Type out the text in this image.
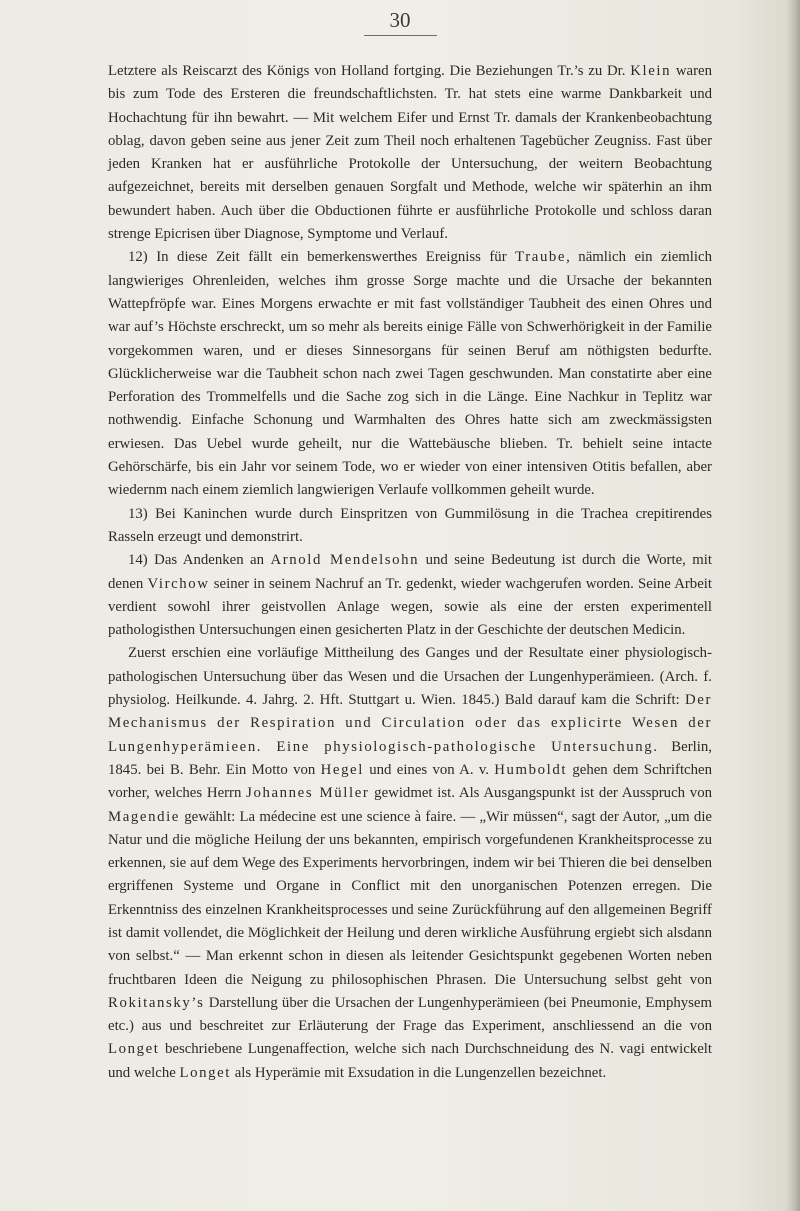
30

Letztere als Reiscarzt des Königs von Holland fortging. Die Beziehungen Tr.’s zu Dr. Klein waren bis zum Tode des Ersteren die freundschaftlichsten. Tr. hat stets eine warme Dankbarkeit und Hochachtung für ihn bewahrt. — Mit welchem Eifer und Ernst Tr. damals der Krankenbeobachtung oblag, davon geben seine aus jener Zeit zum Theil noch erhaltenen Tagebücher Zeugniss. Fast über jeden Kranken hat er ausführliche Protokolle der Untersuchung, der weitern Beobachtung aufgezeichnet, bereits mit derselben genauen Sorgfalt und Methode, welche wir späterhin an ihm bewundert haben. Auch über die Obductionen führte er ausführliche Protokolle und schloss daran strenge Epicrisen über Diagnose, Symptome und Verlauf.

12) In diese Zeit fällt ein bemerkenswerthes Ereigniss für Traube, nämlich ein ziemlich langwieriges Ohrenleiden, welches ihm grosse Sorge machte und die Ursache der bekannten Wattepfröpfe war. Eines Morgens erwachte er mit fast vollständiger Taubheit des einen Ohres und war auf’s Höchste erschreckt, um so mehr als bereits einige Fälle von Schwerhörigkeit in der Familie vorgekommen waren, und er dieses Sinnesorgans für seinen Beruf am nöthigsten bedurfte. Glücklicherweise war die Taubheit schon nach zwei Tagen geschwunden. Man constatirte aber eine Perforation des Trommelfells und die Sache zog sich in die Länge. Eine Nachkur in Teplitz war nothwendig. Einfache Schonung und Warmhalten des Ohres hatte sich am zweckmässigsten erwiesen. Das Uebel wurde geheilt, nur die Wattebäusche blieben. Tr. behielt seine intacte Gehörschärfe, bis ein Jahr vor seinem Tode, wo er wieder von einer intensiven Otitis befallen, aber wiedernm nach einem ziemlich langwierigen Verlaufe vollkommen geheilt wurde.

13) Bei Kaninchen wurde durch Einspritzen von Gummilösung in die Trachea crepitirendes Rasseln erzeugt und demonstrirt.

14) Das Andenken an Arnold Mendelsohn und seine Bedeutung ist durch die Worte, mit denen Virchow seiner in seinem Nachruf an Tr. gedenkt, wieder wachgerufen worden. Seine Arbeit verdient sowohl ihrer geistvollen Anlage wegen, sowie als eine der ersten experimentell pathologisthen Untersuchungen einen gesicherten Platz in der Geschichte der deutschen Medicin.

Zuerst erschien eine vorläufige Mittheilung des Ganges und der Resultate einer physiologisch-pathologischen Untersuchung über das Wesen und die Ursachen der Lungenhyperämieen. (Arch. f. physiolog. Heilkunde. 4. Jahrg. 2. Hft. Stuttgart u. Wien. 1845.) Bald darauf kam die Schrift: Der Mechanismus der Respiration und Circulation oder das explicirte Wesen der Lungenhyperämieen. Eine physiologisch-pathologische Untersuchung. Berlin, 1845. bei B. Behr. Ein Motto von Hegel und eines von A. v. Humboldt gehen dem Schriftchen vorher, welches Herrn Johannes Müller gewidmet ist. Als Ausgangspunkt ist der Ausspruch von Magendie gewählt: La médecine est une science à faire. — „Wir müssen“, sagt der Autor, „um die Natur und die mögliche Heilung der uns bekannten, empirisch vorgefundenen Krankheitsprocesse zu erkennen, sie auf dem Wege des Experiments hervorbringen, indem wir bei Thieren die bei denselben ergriffenen Systeme und Organe in Conflict mit den unorganischen Potenzen erregen. Die Erkenntniss des einzelnen Krankheitsprocesses und seine Zurückführung auf den allgemeinen Begriff ist damit vollendet, die Möglichkeit der Heilung und deren wirkliche Ausführung ergiebt sich alsdann von selbst.“ — Man erkennt schon in diesen als leitender Gesichtspunkt gegebenen Worten neben fruchtbaren Ideen die Neigung zu philosophischen Phrasen. Die Untersuchung selbst geht von Rokitansky’s Darstellung über die Ursachen der Lungenhyperämieen (bei Pneumonie, Emphysem etc.) aus und beschreitet zur Erläuterung der Frage das Experiment, anschliessend an die von Longet beschriebene Lungenaffection, welche sich nach Durchschneidung des N. vagi entwickelt und welche Longet als Hyperämie mit Exsudation in die Lungenzellen bezeichnet.
